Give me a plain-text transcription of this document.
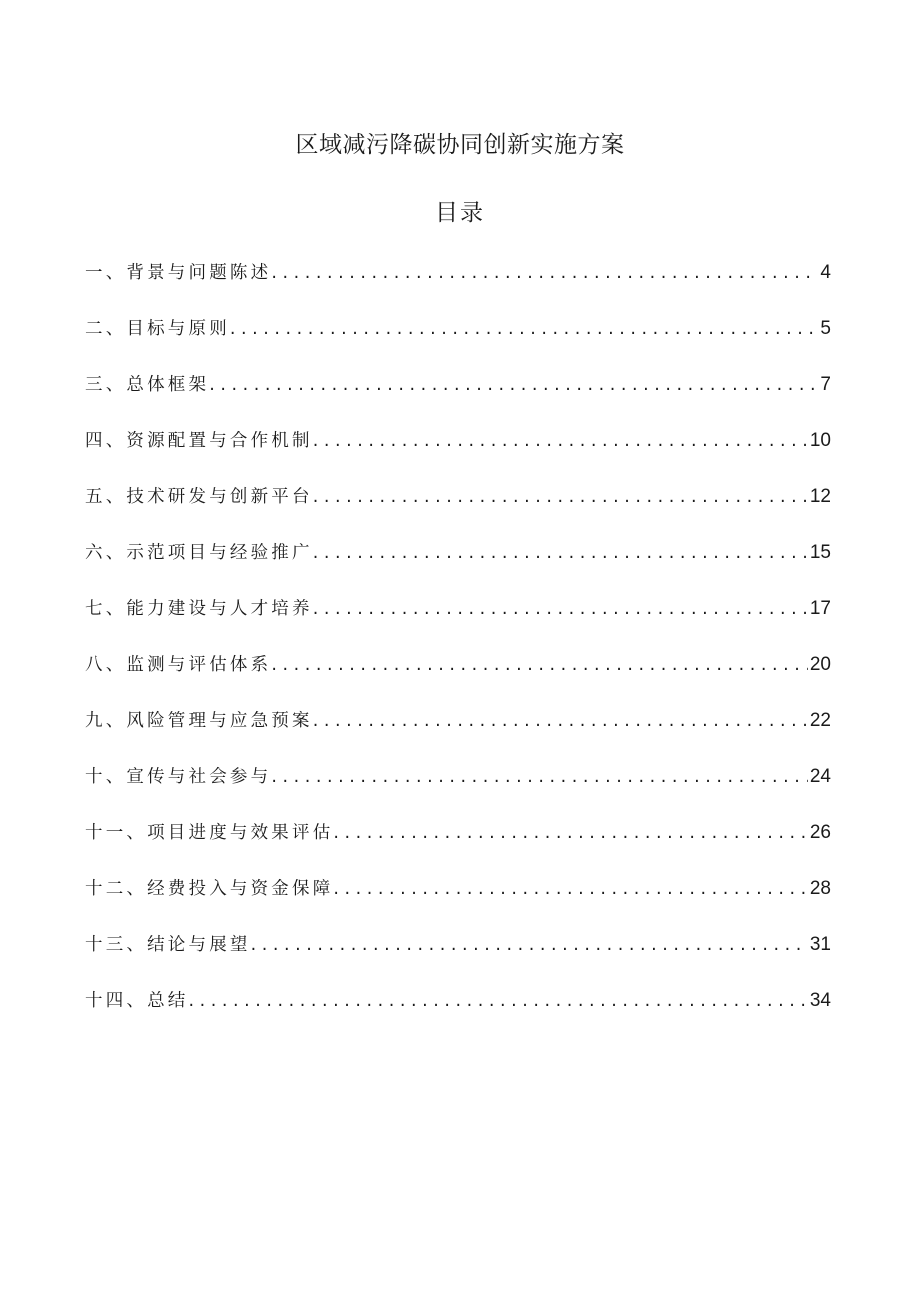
区域减污降碳协同创新实施方案
目录
一、背景与问题陈述 . . .	4
二、目标与原则 . . .	5
三、总体框架 . . .	7
四、资源配置与合作机制 . . .	10
五、技术研发与创新平台 . . .	12
六、示范项目与经验推广 . . .	15
七、能力建设与人才培养 . . .	17
八、监测与评估体系 . . .	20
九、风险管理与应急预案 . . .	22
十、宣传与社会参与 . . .	24
十一、项目进度与效果评估 . . .	26
十二、经费投入与资金保障 . . .	28
十三、结论与展望 . . .	31
十四、总结 . . .	34
